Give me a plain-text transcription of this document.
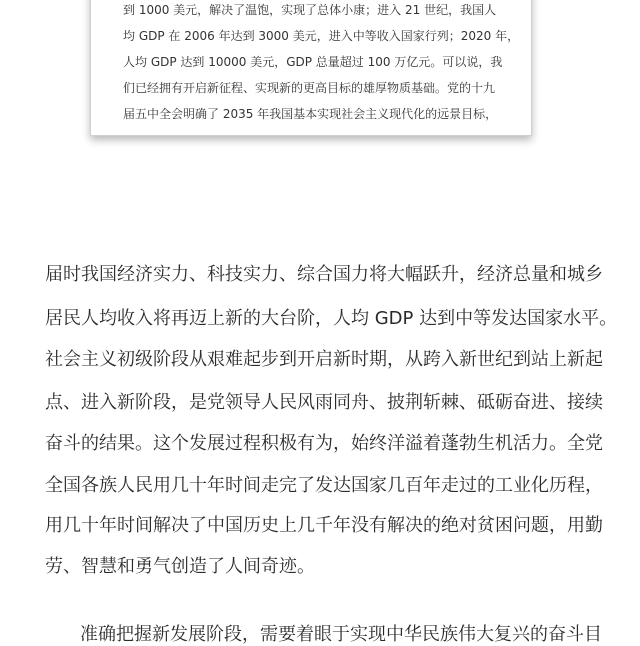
到 1000 美元，解决了温饱，实现了总体小康；进入 21 世纪，我国人
均 GDP 在 2006 年达到 3000 美元，进入中等收入国家行列；2020 年，
人均 GDP 达到 10000 美元，GDP 总量超过 100 万亿元。可以说，我
们已经拥有开启新征程、实现新的更高目标的雄厚物质基础。党的十九
届五中全会明确了 2035 年我国基本实现社会主义现代化的远景目标，
届时我国经济实力、科技实力、综合国力将大幅跃升，经济总量和城乡
居民人均收入将再迈上新的大台阶，人均 GDP 达到中等发达国家水平。
社会主义初级阶段从艰难起步到开启新时期，从跨入新世纪到站上新起
点、进入新阶段，是党领导人民风雨同舟、披荆斩棘、砥砺奋进、接续
奋斗的结果。这个发展过程积极有为，始终洋溢着蓬勃生机活力。全党
全国各族人民用几十年时间走完了发达国家几百年走过的工业化历程，
用几十年时间解决了中国历史上几千年没有解决的绝对贫困问题，用勤
劳、智慧和勇气创造了人间奇迹。
准确把握新发展阶段，需要着眼于实现中华民族伟大复兴的奋斗目
